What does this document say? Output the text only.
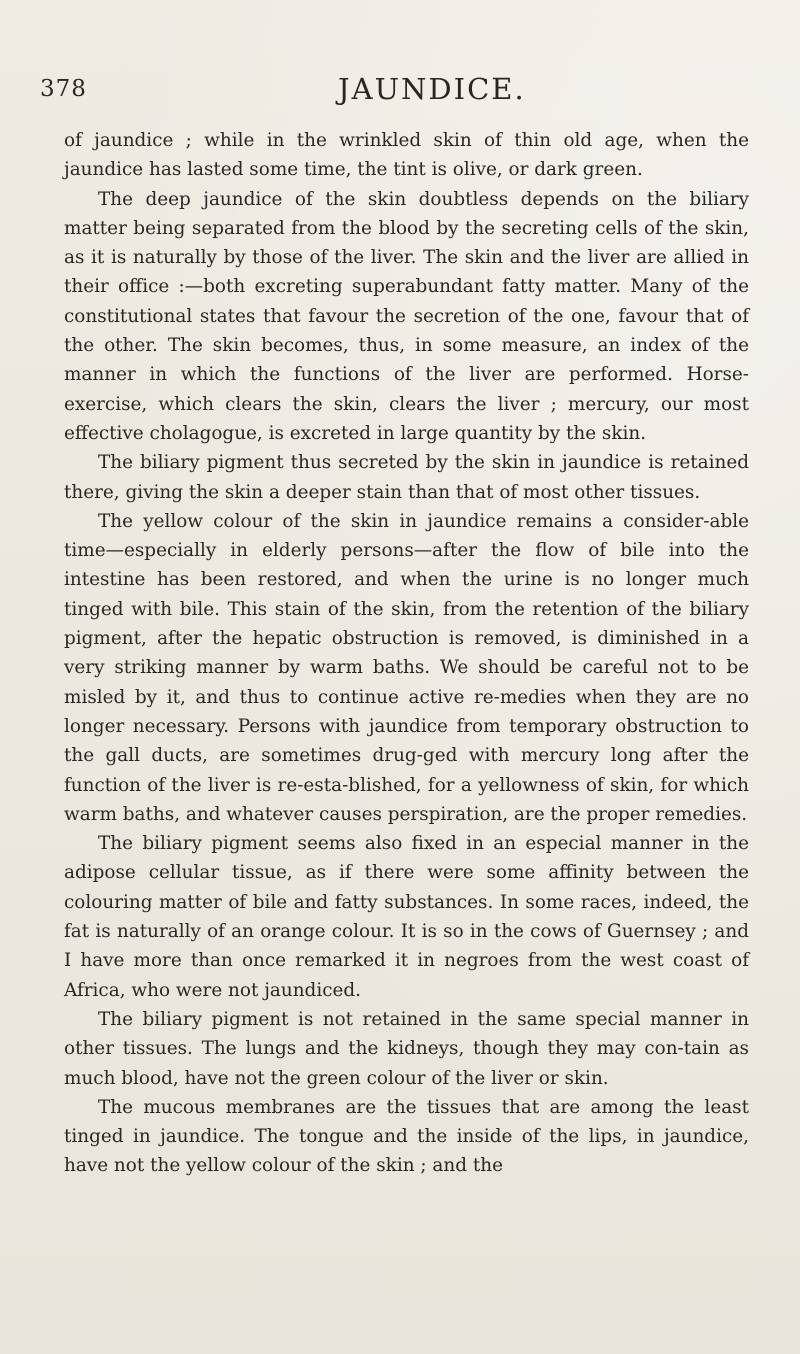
378	JAUNDICE.

of jaundice ; while in the wrinkled skin of thin old age, when the jaundice has lasted some time, the tint is olive, or dark green.

The deep jaundice of the skin doubtless depends on the biliary matter being separated from the blood by the secreting cells of the skin, as it is naturally by those of the liver. The skin and the liver are allied in their office :—both excreting superabundant fatty matter. Many of the constitutional states that favour the secretion of the one, favour that of the other. The skin becomes, thus, in some measure, an index of the manner in which the functions of the liver are performed. Horse-exercise, which clears the skin, clears the liver ; mercury, our most effective cholagogue, is excreted in large quantity by the skin.

The biliary pigment thus secreted by the skin in jaundice is retained there, giving the skin a deeper stain than that of most other tissues.

The yellow colour of the skin in jaundice remains a consider-able time—especially in elderly persons—after the flow of bile into the intestine has been restored, and when the urine is no longer much tinged with bile. This stain of the skin, from the retention of the biliary pigment, after the hepatic obstruction is removed, is diminished in a very striking manner by warm baths. We should be careful not to be misled by it, and thus to continue active re-medies when they are no longer necessary. Persons with jaundice from temporary obstruction to the gall ducts, are sometimes drug-ged with mercury long after the function of the liver is re-esta-blished, for a yellowness of skin, for which warm baths, and whatever causes perspiration, are the proper remedies.

The biliary pigment seems also fixed in an especial manner in the adipose cellular tissue, as if there were some affinity between the colouring matter of bile and fatty substances. In some races, indeed, the fat is naturally of an orange colour. It is so in the cows of Guernsey ; and I have more than once remarked it in negroes from the west coast of Africa, who were not jaundiced.

The biliary pigment is not retained in the same special manner in other tissues. The lungs and the kidneys, though they may con-tain as much blood, have not the green colour of the liver or skin.

The mucous membranes are the tissues that are among the least tinged in jaundice. The tongue and the inside of the lips, in jaundice, have not the yellow colour of the skin ; and the
